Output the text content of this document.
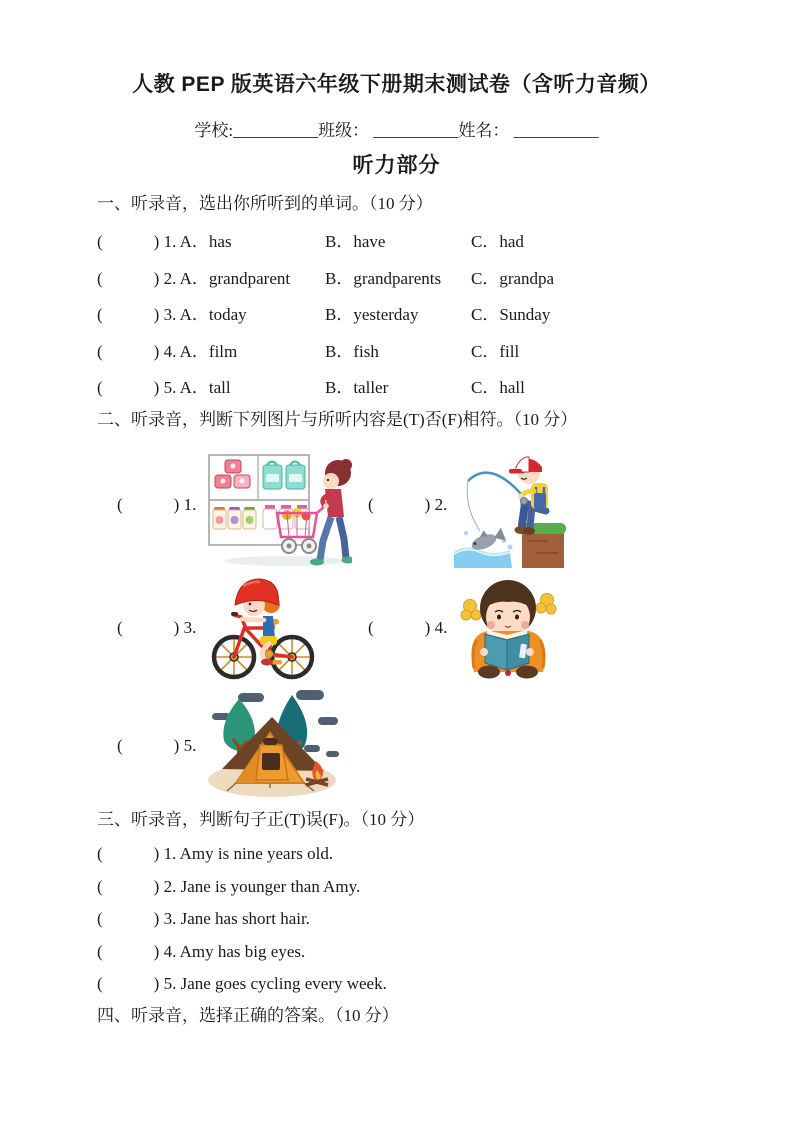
人教 PEP 版英语六年级下册期末测试卷（含听力音频）
学校:__________班级： __________姓名： __________
听力部分
一、听录音，选出你所听到的单词。（10 分）
(            ) 1. A．has	B．have	C．had
(            ) 2. A．grandparent	B．grandparents	C．grandpa
(            ) 3. A．today	B．yesterday	C．Sunday
(            ) 4. A．film	B．fish	C．fill
(            ) 5. A．tall	B．taller	C．hall
二、听录音，判断下列图片与所听内容是(T)否(F)相符。（10 分）
(            ) 1.	(            ) 2.
(            ) 3.	(            ) 4.
(            ) 5.
三、听录音，判断句子正(T)误(F)。（10 分）
(            ) 1. Amy is nine years old.
(            ) 2. Jane is younger than Amy.
(            ) 3. Jane has short hair.
(            ) 4. Amy has big eyes.
(            ) 5. Jane goes cycling every week.
四、听录音，选择正确的答案。（10 分）
